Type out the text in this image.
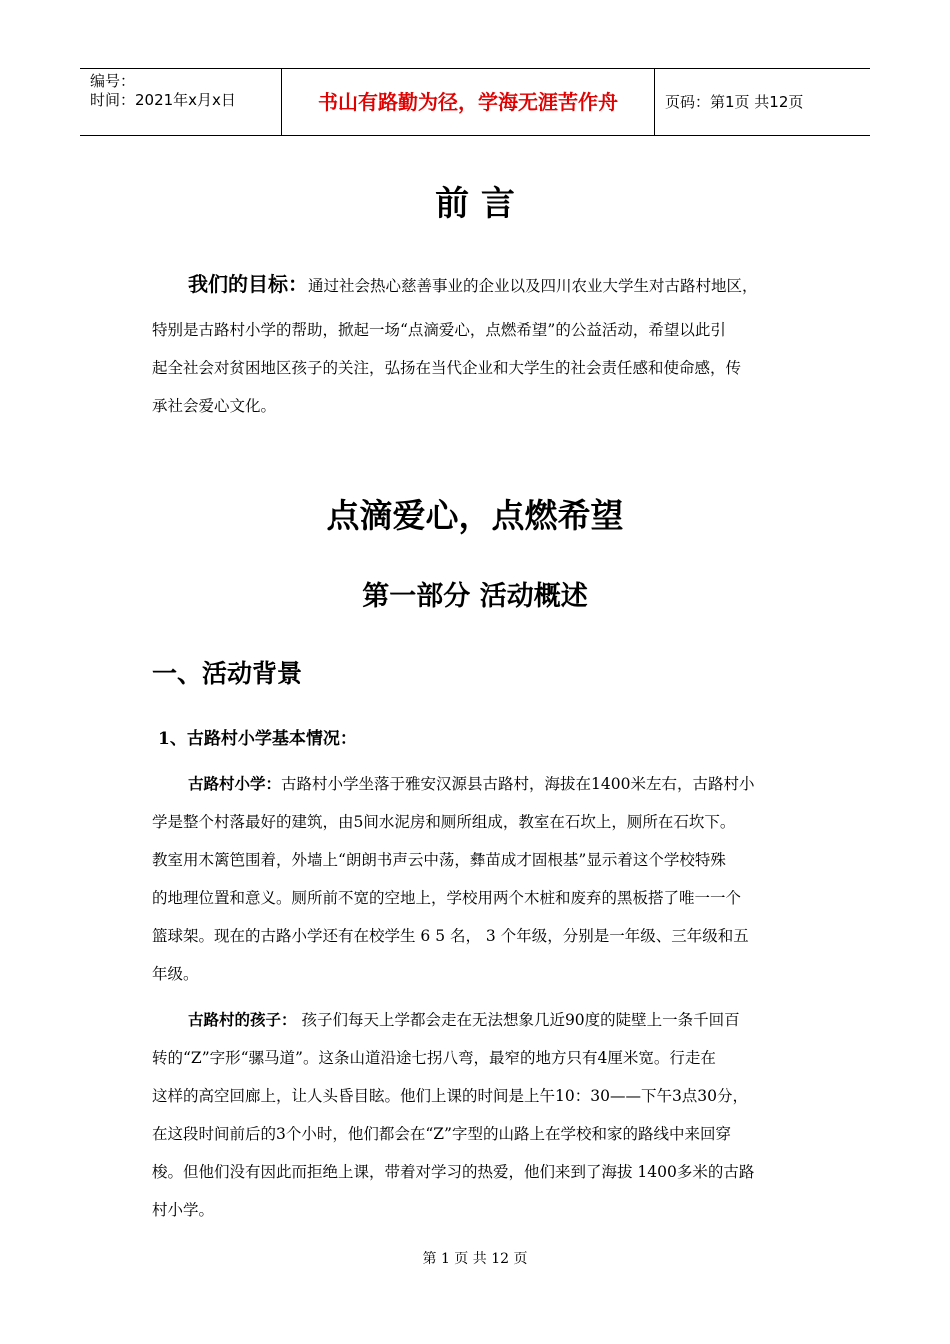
编号：
时间：2021年x月x日	书山有路勤为径，学海无涯苦作舟	页码：第1页 共12页
前 言
我们的目标：通过社会热心慈善事业的企业以及四川农业大学生对古路村地区，
特别是古路村小学的帮助，掀起一场“点滴爱心，点燃希望”的公益活动，希望以此引
起全社会对贫困地区孩子的关注，弘扬在当代企业和大学生的社会责任感和使命感，传
承社会爱心文化。
点滴爱心，点燃希望
第一部分 活动概述
一、活动背景
1、古路村小学基本情况：
古路村小学：古路村小学坐落于雅安汉源县古路村，海拔在1400米左右，古路村小
学是整个村落最好的建筑，由5间水泥房和厕所组成，教室在石坎上，厕所在石坎下。
教室用木篱笆围着，外墙上“朗朗书声云中荡，彝苗成才固根基”显示着这个学校特殊
的地理位置和意义。厕所前不宽的空地上，学校用两个木桩和废弃的黑板搭了唯一一个
篮球架。现在的古路小学还有在校学生 6 5 名， 3 个年级，分别是一年级、三年级和五
年级。
古路村的孩子： 孩子们每天上学都会走在无法想象几近90度的陡壁上一条千回百
转的“Z”字形“骡马道”。这条山道沿途七拐八弯，最窄的地方只有4厘米宽。行走在
这样的高空回廊上，让人头昏目眩。他们上课的时间是上午10：30——下午3点30分，
在这段时间前后的3个小时，他们都会在“Z”字型的山路上在学校和家的路线中来回穿
梭。但他们没有因此而拒绝上课，带着对学习的热爱，他们来到了海拔 1400多米的古路
村小学。
第 1 页 共 12 页
